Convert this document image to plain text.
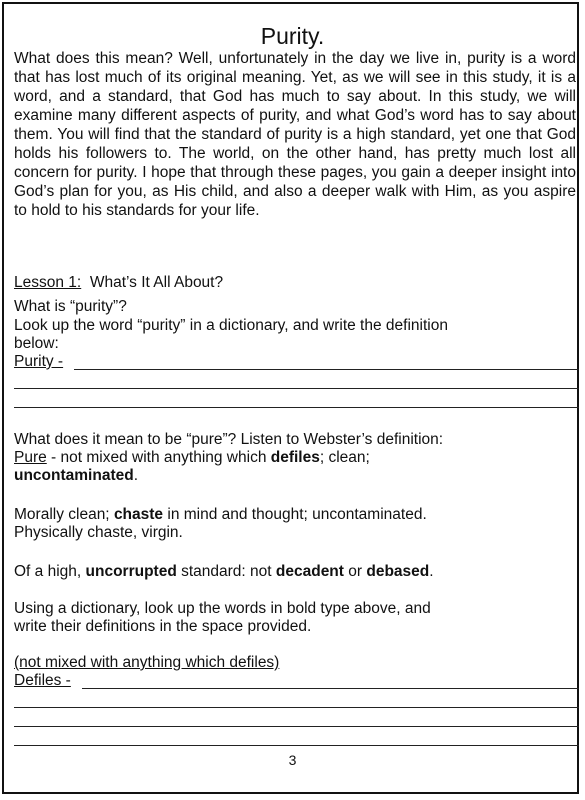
Purity.

What does this mean? Well, unfortunately in the day we live in, purity is a word that has lost much of its original meaning. Yet, as we will see in this study, it is a word, and a standard, that God has much to say about. In this study, we will examine many different aspects of purity, and what God’s word has to say about them. You will find that the standard of purity is a high standard, yet one that God holds his followers to. The world, on the other hand, has pretty much lost all concern for purity. I hope that through these pages, you gain a deeper insight into God’s plan for you, as His child, and also a deeper walk with Him, as you aspire to hold to his standards for your life.

Lesson 1: What’s It All About?
What is “purity”?
Look up the word “purity” in a dictionary, and write the definition
below:
Purity -
What does it mean to be “pure”? Listen to Webster’s definition:
Pure - not mixed with anything which defiles; clean;
uncontaminated.
Morally clean; chaste in mind and thought; uncontaminated.
Physically chaste, virgin.
Of a high, uncorrupted standard: not decadent or debased.
Using a dictionary, look up the words in bold type above, and
write their definitions in the space provided.
(not mixed with anything which defiles)
Defiles -
3
